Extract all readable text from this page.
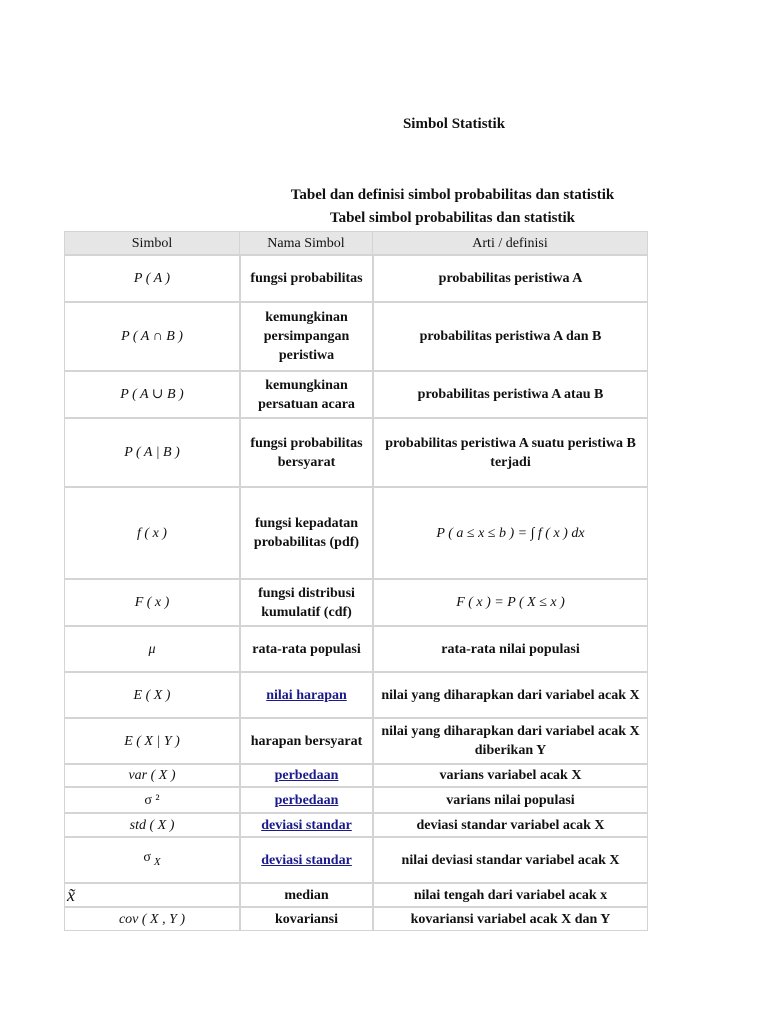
Simbol Statistik
Tabel dan definisi simbol probabilitas dan statistik
Tabel simbol probabilitas dan statistik
Simbol	Nama Simbol	Arti / definisi
P ( A )	fungsi probabilitas	probabilitas peristiwa A
P ( A ∩ B )	kemungkinan persimpangan peristiwa	probabilitas peristiwa A dan B
P ( A ∪ B )	kemungkinan persatuan acara	probabilitas peristiwa A atau B
P ( A | B )	fungsi probabilitas bersyarat	probabilitas peristiwa A suatu peristiwa B terjadi
f ( x )	fungsi kepadatan probabilitas (pdf)	P ( a ≤ x ≤ b ) = ∫ f ( x ) dx
F ( x )	fungsi distribusi kumulatif (cdf)	F ( x ) = P ( X ≤ x )
μ	rata-rata populasi	rata-rata nilai populasi
E ( X )	nilai harapan	nilai yang diharapkan dari variabel acak X
E ( X | Y )	harapan bersyarat	nilai yang diharapkan dari variabel acak X diberikan Y
var ( X )	perbedaan	varians variabel acak X
σ ²	perbedaan	varians nilai populasi
std ( X )	deviasi standar	deviasi standar variabel acak X
σ $_X$	deviasi standar	nilai deviasi standar variabel acak X
x̃	median	nilai tengah dari variabel acak x
cov ( X , Y )	kovariansi	kovariansi variabel acak X dan Y
